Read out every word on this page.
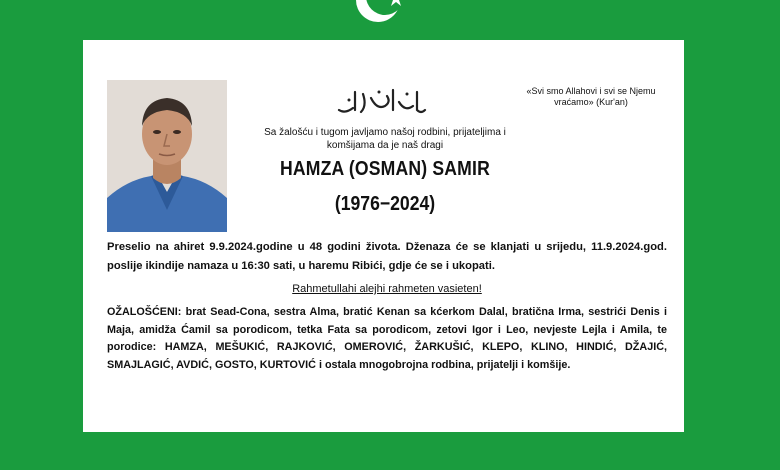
«Svi smo Allahovi i svi se Njemu vraćamo» (Kur'an)
Sa žalošću i tugom javljamo našoj rodbini, prijateljima i komšijama da je naš dragi
HAMZA (OSMAN) SAMIR
(1976−2024)

Preselio na ahiret 9.9.2024.godine u 48 godini života. Dženaza će se klanjati u srijedu, 11.9.2024.god. poslije ikindije namaza u 16:30 sati, u haremu Ribići, gdje će se i ukopati.

Rahmetullahi alejhi rahmeten vasieten!

OŽALOŠĆENI: brat Sead-Cona, sestra Alma, bratić Kenan sa kćerkom Dalal, bratična Irma, sestrići Denis i Maja, amidža Ćamil sa porodicom, tetka Fata sa porodicom, zetovi Igor i Leo, nevjeste Lejla i Amila, te porodice: HAMZA, MEŠUKIĆ, RAJKOVIĆ, OMEROVIĆ, ŽARKUŠIĆ, KLEPO, KLINO, HINDIĆ, DŽAJIĆ, SMAJLAGIĆ, AVDIĆ, GOSTO, KURTOVIĆ i ostala mnogobrojna rodbina, prijatelji i komšije.
